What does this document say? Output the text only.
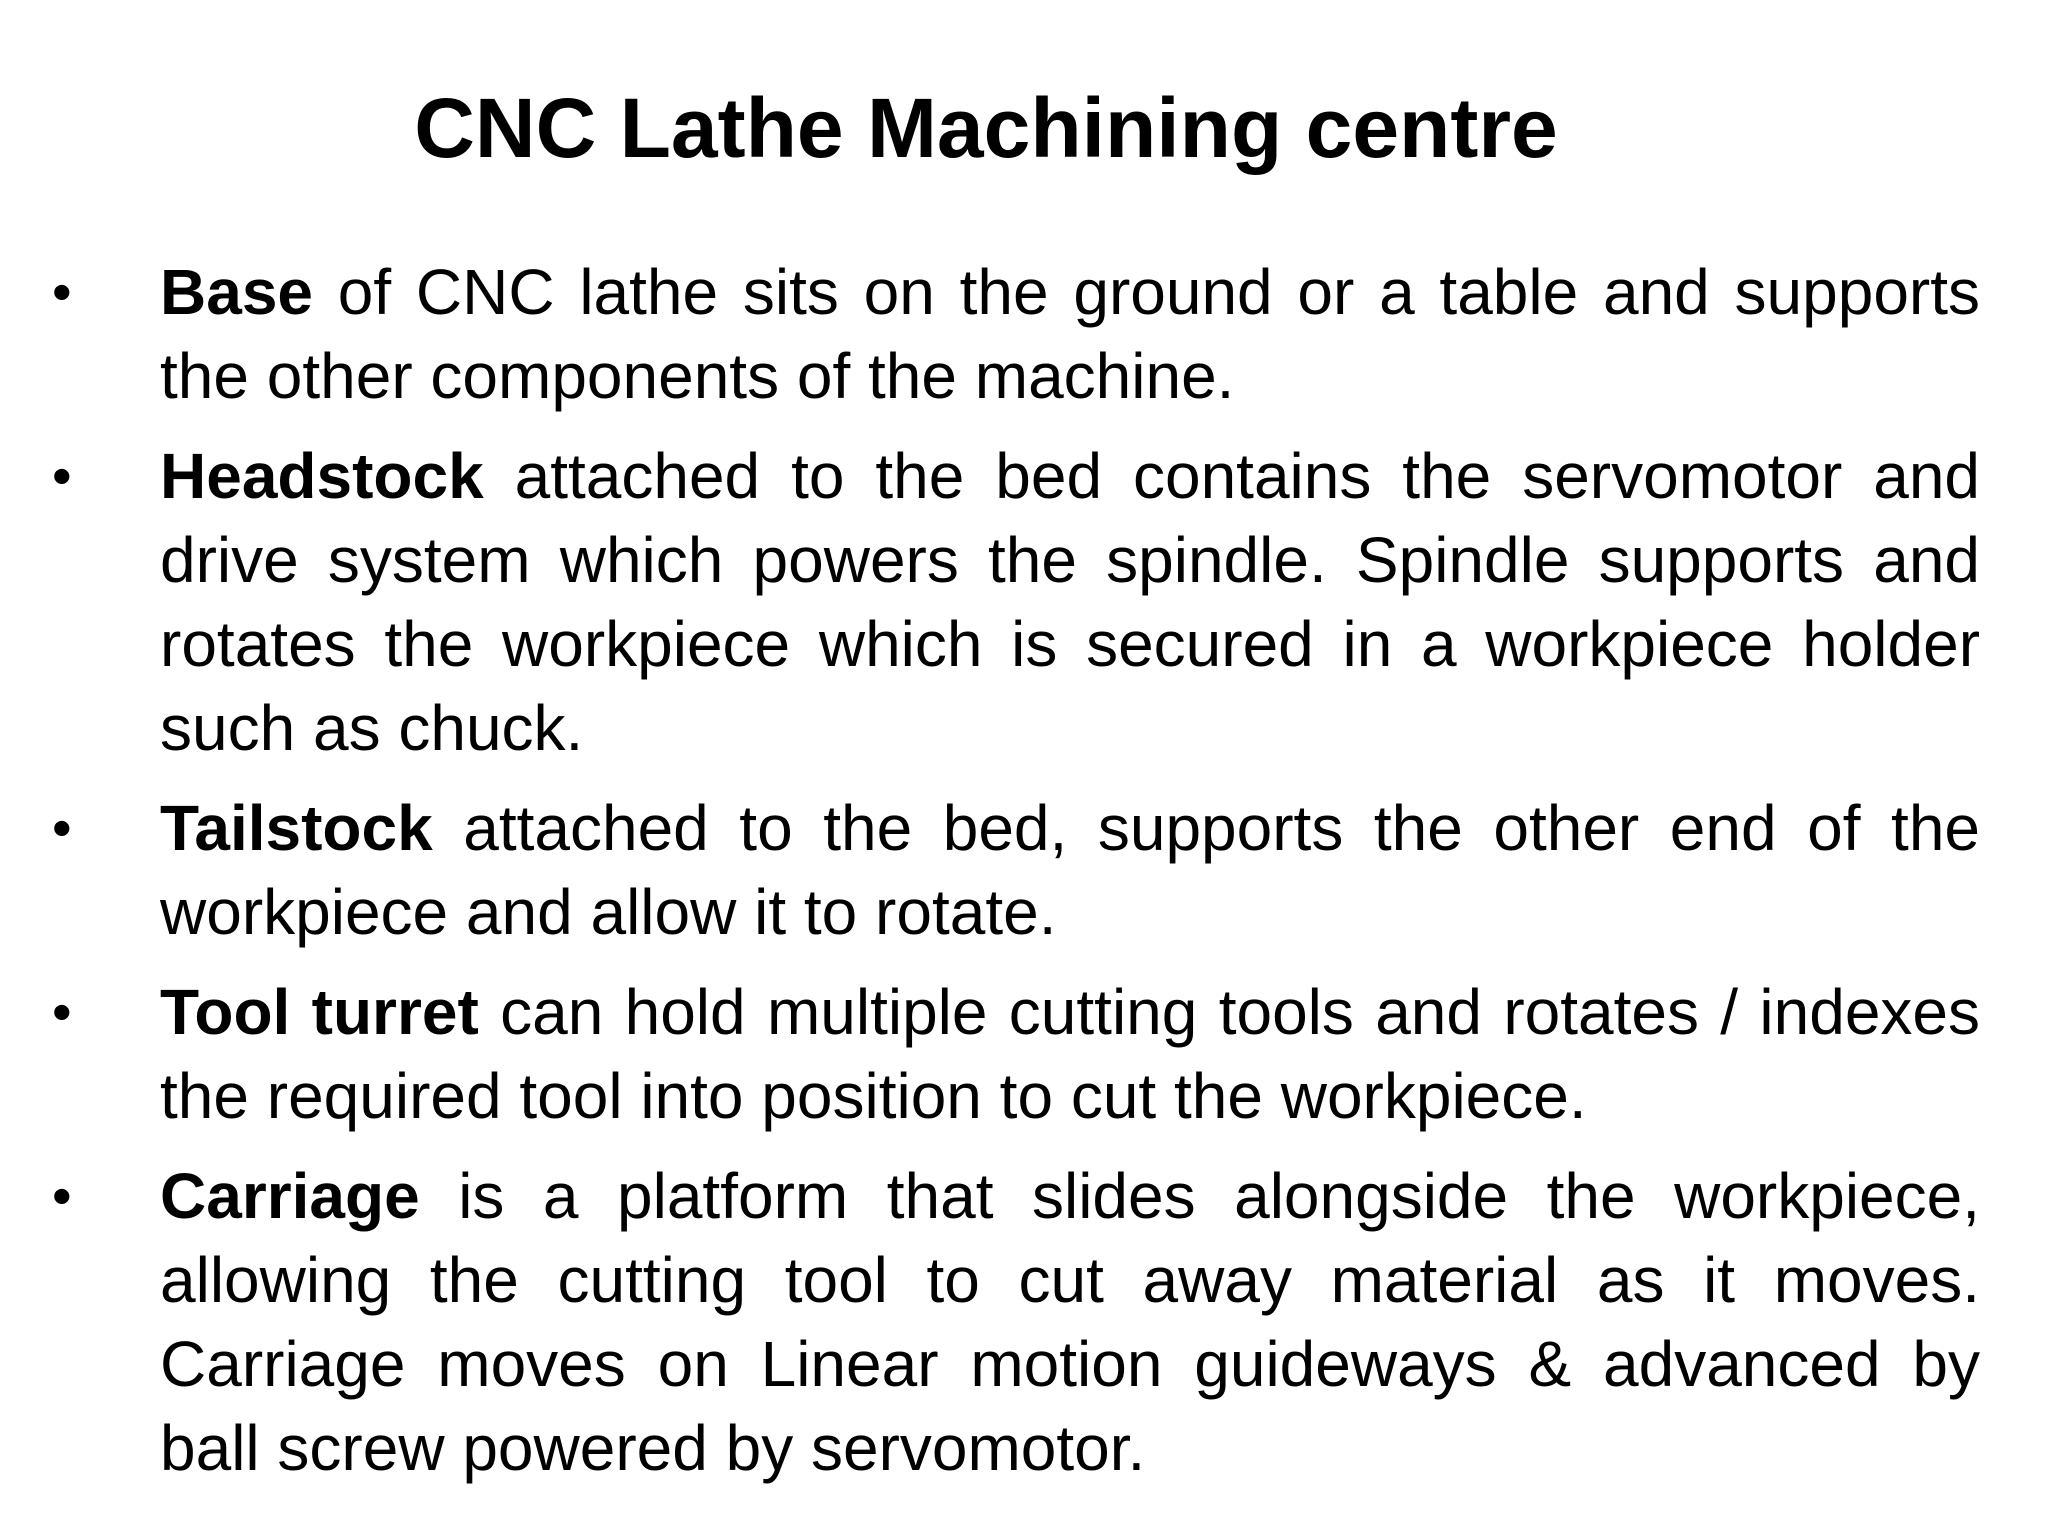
CNC Lathe Machining centre
•	Base of CNC lathe sits on the ground or a table and supports the other components of the machine.
•	Headstock attached to the bed contains the servomotor and drive system which powers the spindle. Spindle supports and rotates the workpiece which is secured in a workpiece holder such as chuck.
•	Tailstock attached to the bed, supports the other end of the workpiece and allow it to rotate.
•	Tool turret can hold multiple cutting tools and rotates / indexes the required tool into position to cut the workpiece.
•	Carriage is a platform that slides alongside the workpiece, allowing the cutting tool to cut away material as it moves. Carriage moves on Linear motion guideways & advanced by ball screw powered by servomotor.
